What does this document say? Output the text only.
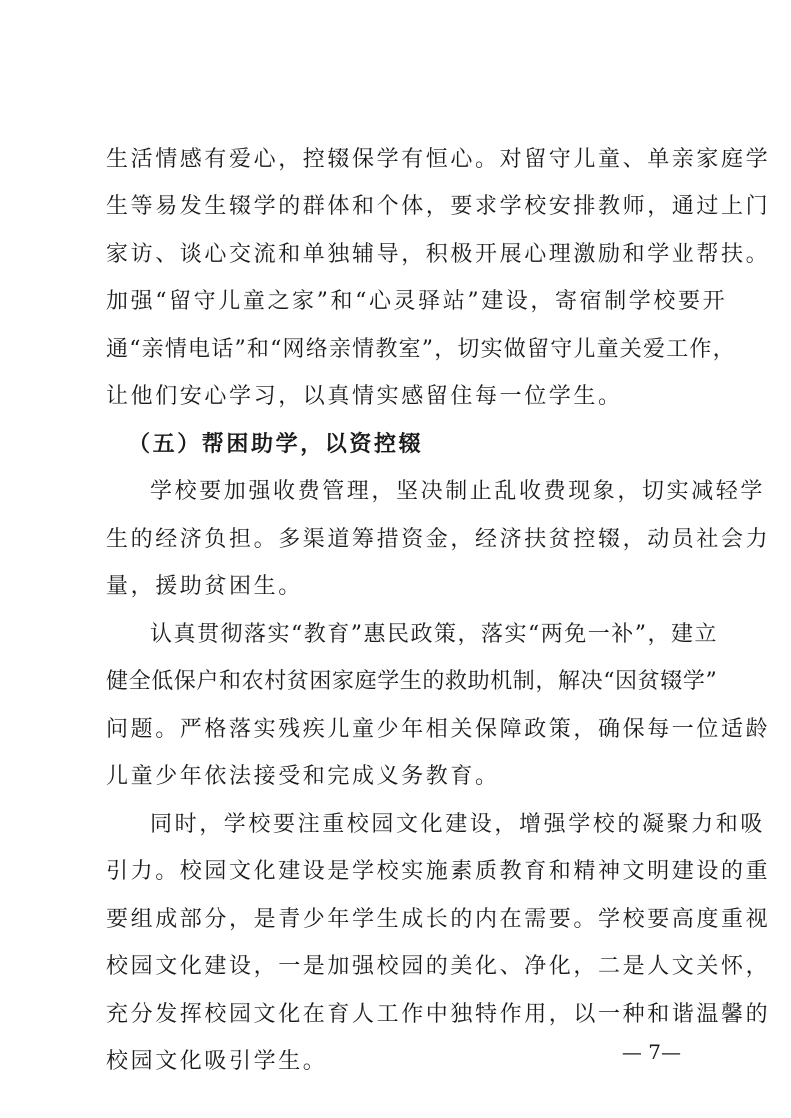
生活情感有爱心，控辍保学有恒心。对留守儿童、单亲家庭学
生等易发生辍学的群体和个体，要求学校安排教师，通过上门
家访、谈心交流和单独辅导，积极开展心理激励和学业帮扶。
加强“留守儿童之家”和“心灵驿站”建设，寄宿制学校要开
通“亲情电话”和“网络亲情教室”，切实做留守儿童关爱工作，
让他们安心学习，以真情实感留住每一位学生。
（五）帮困助学，以资控辍
学校要加强收费管理，坚决制止乱收费现象，切实减轻学
生的经济负担。多渠道筹措资金，经济扶贫控辍，动员社会力
量，援助贫困生。
认真贯彻落实“教育”惠民政策，落实“两免一补”，建立
健全低保户和农村贫困家庭学生的救助机制，解决“因贫辍学”
问题。严格落实残疾儿童少年相关保障政策，确保每一位适龄
儿童少年依法接受和完成义务教育。
同时，学校要注重校园文化建设，增强学校的凝聚力和吸
引力。校园文化建设是学校实施素质教育和精神文明建设的重
要组成部分，是青少年学生成长的内在需要。学校要高度重视
校园文化建设，一是加强校园的美化、净化，二是人文关怀，
充分发挥校园文化在育人工作中独特作用，以一种和谐温馨的
校园文化吸引学生。	— 7—
